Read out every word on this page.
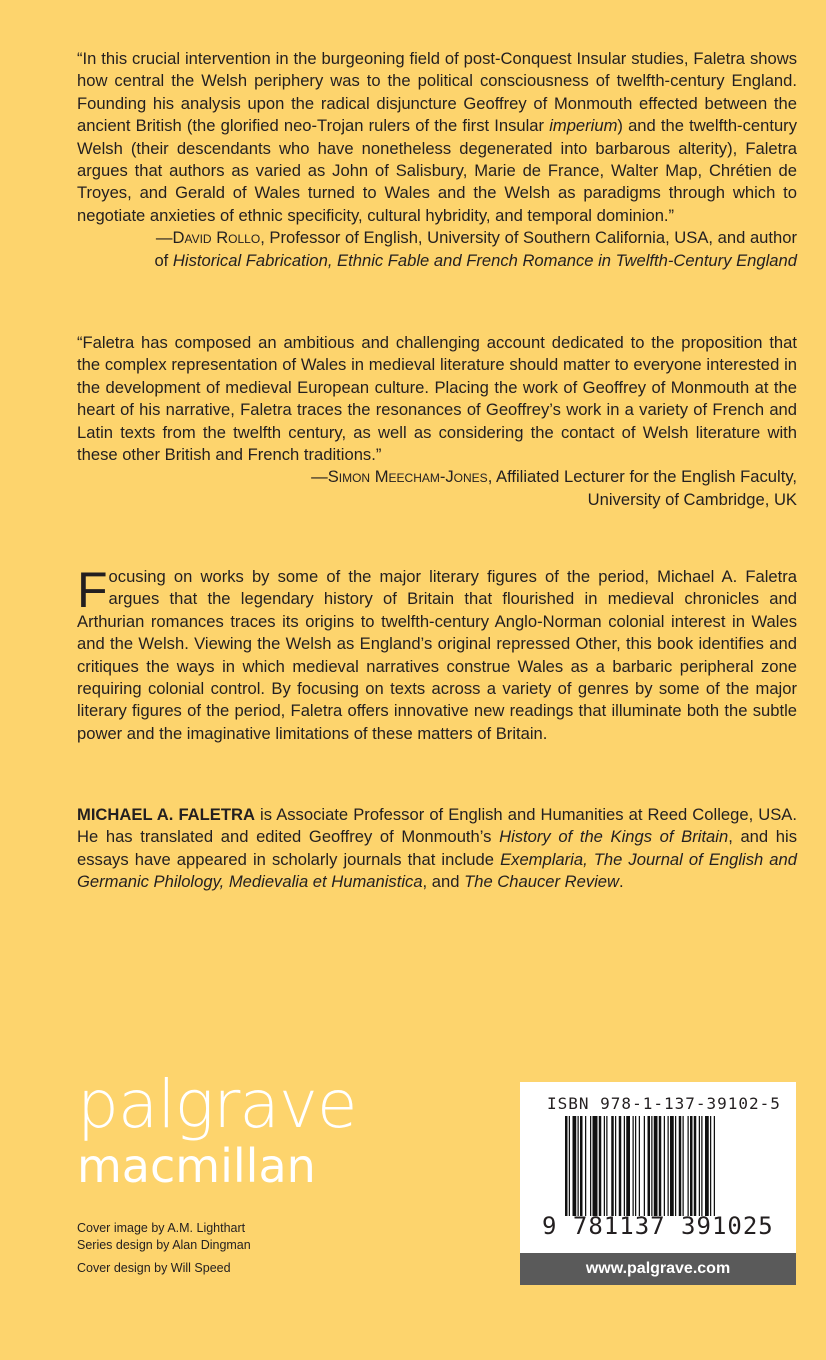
“In this crucial intervention in the burgeoning field of post-Conquest Insular studies, Faletra shows how central the Welsh periphery was to the political consciousness of twelfth-century England. Founding his analysis upon the radical disjuncture Geoffrey of Monmouth effected between the ancient British (the glorified neo-Trojan rulers of the first Insular imperium) and the twelfth-century Welsh (their descendants who have nonetheless degenerated into barbarous alterity), Faletra argues that authors as varied as John of Salisbury, Marie de France, Walter Map, Chrétien de Troyes, and Gerald of Wales turned to Wales and the Welsh as paradigms through which to negotiate anxieties of ethnic specificity, cultural hybridity, and temporal dominion.”
—David Rollo, Professor of English, University of Southern California, USA, and author
of Historical Fabrication, Ethnic Fable and French Romance in Twelfth-Century England
“Faletra has composed an ambitious and challenging account dedicated to the proposition that the complex representation of Wales in medieval literature should matter to everyone interested in the development of medieval European culture. Placing the work of Geoffrey of Monmouth at the heart of his narrative, Faletra traces the resonances of Geoffrey’s work in a variety of French and Latin texts from the twelfth century, as well as considering the contact of Welsh literature with these other British and French traditions.”
—Simon Meecham-Jones, Affiliated Lecturer for the English Faculty,
University of Cambridge, UK
Focusing on works by some of the major literary figures of the period, Michael A. Faletra argues that the legendary history of Britain that flourished in medieval chronicles and Arthurian romances traces its origins to twelfth-century Anglo-Norman colonial interest in Wales and the Welsh. Viewing the Welsh as England’s original repressed Other, this book identifies and critiques the ways in which medieval narratives construe Wales as a barbaric peripheral zone requiring colonial control. By focusing on texts across a variety of genres by some of the major literary figures of the period, Faletra offers innovative new readings that illuminate both the subtle power and the imaginative limitations of these matters of Britain.
MICHAEL A. FALETRA is Associate Professor of English and Humanities at Reed College, USA. He has translated and edited Geoffrey of Monmouth’s History of the Kings of Britain, and his essays have appeared in scholarly journals that include Exemplaria, The Journal of English and Germanic Philology, Medievalia et Humanistica, and The Chaucer Review.
palgrave
macmillan
Cover image by A.M. Lighthart
Series design by Alan Dingman
Cover design by Will Speed
ISBN 978-1-137-39102-5
9 781137 391025
www.palgrave.com
